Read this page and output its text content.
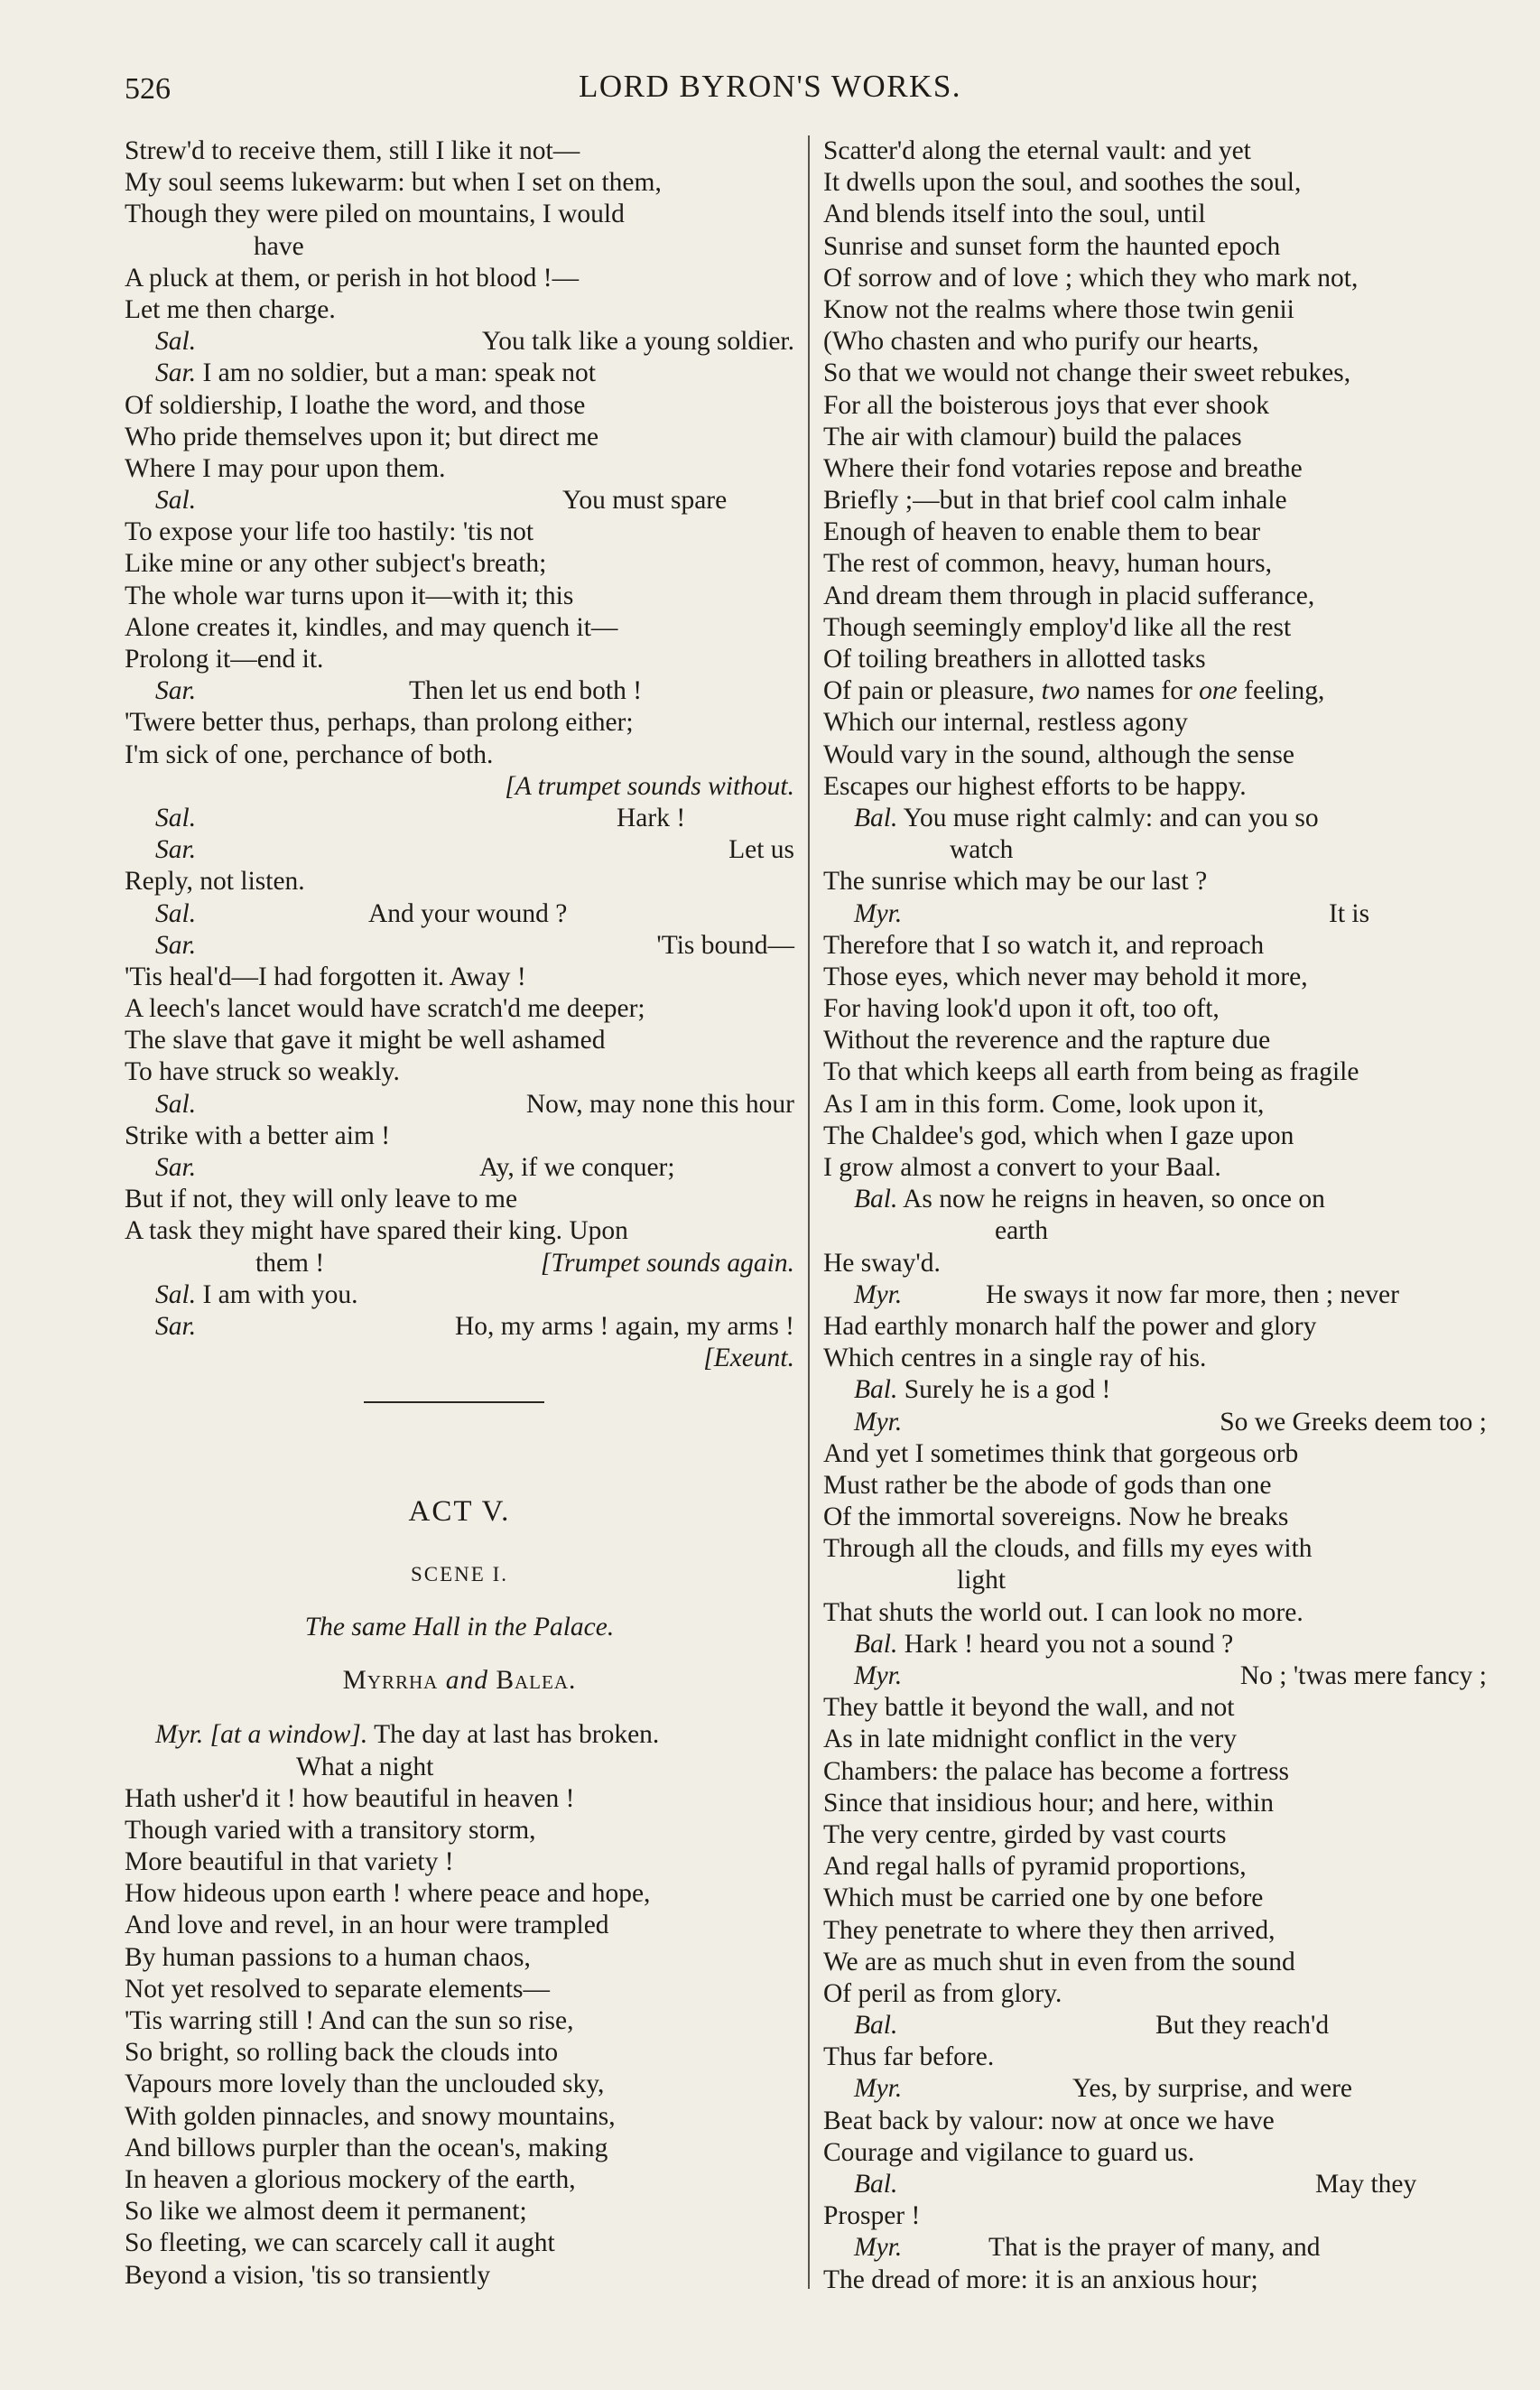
526	LORD BYRON'S WORKS.
Strew'd to receive them, still I like it not—
My soul seems lukewarm: but when I set on them,
Though they were piled on mountains, I would
have
A pluck at them, or perish in hot blood !—
Let me then charge.
Sal.	You talk like a young soldier.
Sar. I am no soldier, but a man: speak not
Of soldiership, I loathe the word, and those
Who pride themselves upon it; but direct me
Where I may pour upon them.
Sal.	You must spare
To expose your life too hastily: 'tis not
Like mine or any other subject's breath;
The whole war turns upon it—with it; this
Alone creates it, kindles, and may quench it—
Prolong it—end it.
Sar.	Then let us end both !
'Twere better thus, perhaps, than prolong either;
I'm sick of one, perchance of both.
[A trumpet sounds without.
Sal.	Hark !
Sar.	Let us
Reply, not listen.
Sal.	And your wound ?
Sar.	'Tis bound—
'Tis heal'd—I had forgotten it. Away !
A leech's lancet would have scratch'd me deeper;
The slave that gave it might be well ashamed
To have struck so weakly.
Sal.	Now, may none this hour
Strike with a better aim !
Sar.	Ay, if we conquer;
But if not, they will only leave to me
A task they might have spared their king. Upon
them !	[Trumpet sounds again.
Sal. I am with you.
Sar.	Ho, my arms ! again, my arms !
[Exeunt.
ACT V.
SCENE I.
The same Hall in the Palace.
Myrrha and Balea.
Myr. [at a window]. The day at last has broken.
What a night
Hath usher'd it ! how beautiful in heaven !
Though varied with a transitory storm,
More beautiful in that variety !
How hideous upon earth ! where peace and hope,
And love and revel, in an hour were trampled
By human passions to a human chaos,
Not yet resolved to separate elements—
'Tis warring still ! And can the sun so rise,
So bright, so rolling back the clouds into
Vapours more lovely than the unclouded sky,
With golden pinnacles, and snowy mountains,
And billows purpler than the ocean's, making
In heaven a glorious mockery of the earth,
So like we almost deem it permanent;
So fleeting, we can scarcely call it aught
Beyond a vision, 'tis so transiently
Scatter'd along the eternal vault: and yet
It dwells upon the soul, and soothes the soul,
And blends itself into the soul, until
Sunrise and sunset form the haunted epoch
Of sorrow and of love ; which they who mark not,
Know not the realms where those twin genii
(Who chasten and who purify our hearts,
So that we would not change their sweet rebukes,
For all the boisterous joys that ever shook
The air with clamour) build the palaces
Where their fond votaries repose and breathe
Briefly ;—but in that brief cool calm inhale
Enough of heaven to enable them to bear
The rest of common, heavy, human hours,
And dream them through in placid sufferance,
Though seemingly employ'd like all the rest
Of toiling breathers in allotted tasks
Of pain or pleasure, two names for one feeling,
Which our internal, restless agony
Would vary in the sound, although the sense
Escapes our highest efforts to be happy.
Bal. You muse right calmly: and can you so
watch
The sunrise which may be our last ?
Myr.	It is
Therefore that I so watch it, and reproach
Those eyes, which never may behold it more,
For having look'd upon it oft, too oft,
Without the reverence and the rapture due
To that which keeps all earth from being as fragile
As I am in this form. Come, look upon it,
The Chaldee's god, which when I gaze upon
I grow almost a convert to your Baal.
Bal. As now he reigns in heaven, so once on
earth
He sway'd.
Myr.	He sways it now far more, then ; never
Had earthly monarch half the power and glory
Which centres in a single ray of his.
Bal. Surely he is a god !
Myr.	So we Greeks deem too ;
And yet I sometimes think that gorgeous orb
Must rather be the abode of gods than one
Of the immortal sovereigns. Now he breaks
Through all the clouds, and fills my eyes with
light
That shuts the world out. I can look no more.
Bal. Hark ! heard you not a sound ?
Myr.	No ; 'twas mere fancy ;
They battle it beyond the wall, and not
As in late midnight conflict in the very
Chambers: the palace has become a fortress
Since that insidious hour; and here, within
The very centre, girded by vast courts
And regal halls of pyramid proportions,
Which must be carried one by one before
They penetrate to where they then arrived,
We are as much shut in even from the sound
Of peril as from glory.
Bal.	But they reach'd
Thus far before.
Myr.	Yes, by surprise, and were
Beat back by valour: now at once we have
Courage and vigilance to guard us.
Bal.	May they
Prosper !
Myr.	That is the prayer of many, and
The dread of more: it is an anxious hour;
